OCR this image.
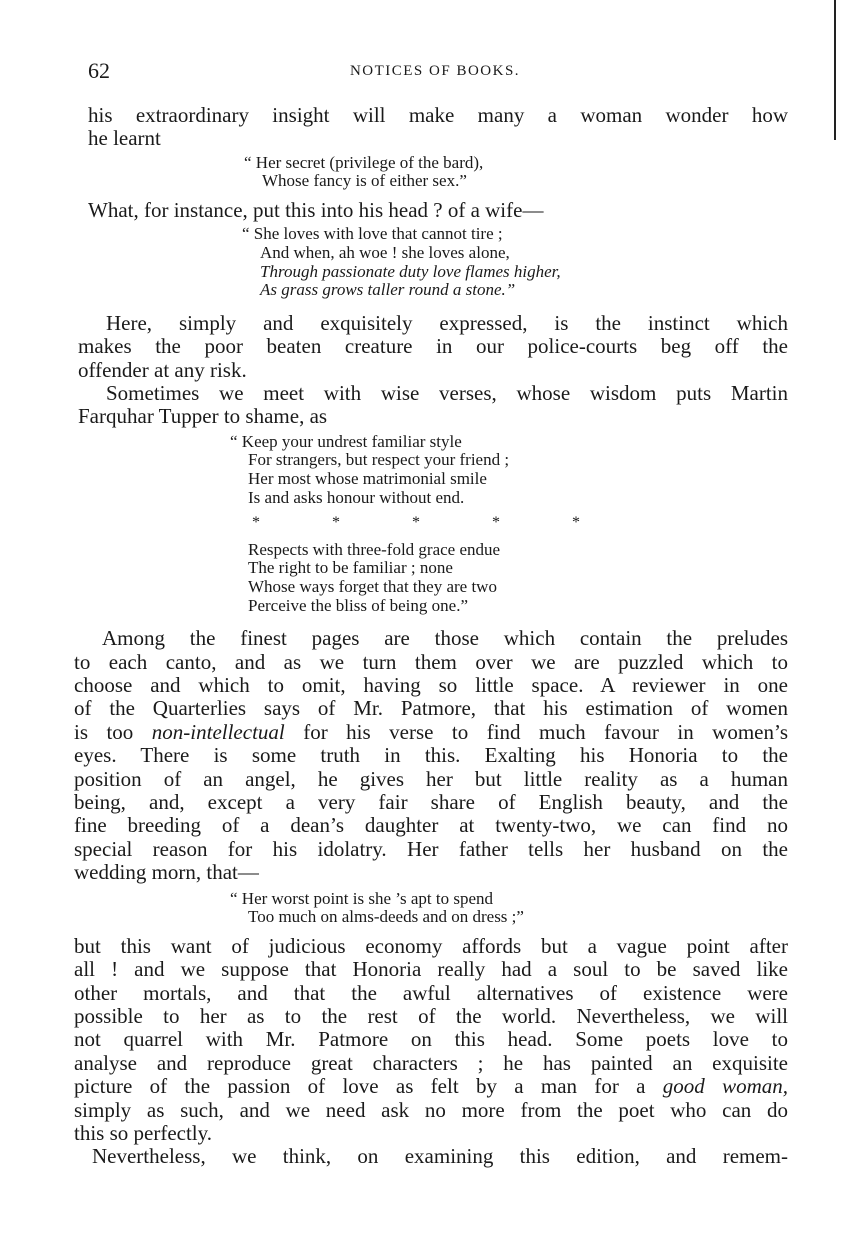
62	NOTICES OF BOOKS.

his extraordinary insight will make many a woman wonder how
he learnt

“ Her secret (privilege of the bard),
Whose fancy is of either sex.”

What, for instance, put this into his head ? of a wife—

“ She loves with love that cannot tire ;
And when, ah woe ! she loves alone,
Through passionate duty love flames higher,
As grass grows taller round a stone.”

Here, simply and exquisitely expressed, is the instinct which
makes the poor beaten creature in our police-courts beg off the
offender at any risk.

Sometimes we meet with wise verses, whose wisdom puts Martin
Farquhar Tupper to shame, as

“ Keep your undrest familiar style
For strangers, but respect your friend ;
Her most whose matrimonial smile
Is and asks honour without end.
* * * * *
Respects with three-fold grace endue
The right to be familiar ; none
Whose ways forget that they are two
Perceive the bliss of being one.”

Among the finest pages are those which contain the preludes
to each canto, and as we turn them over we are puzzled which to
choose and which to omit, having so little space. A reviewer in one
of the Quarterlies says of Mr. Patmore, that his estimation of women
is too non-intellectual for his verse to find much favour in women’s
eyes. There is some truth in this. Exalting his Honoria to the
position of an angel, he gives her but little reality as a human
being, and, except a very fair share of English beauty, and the
fine breeding of a dean’s daughter at twenty-two, we can find no
special reason for his idolatry. Her father tells her husband on the
wedding morn, that—

“ Her worst point is she ’s apt to spend
Too much on alms-deeds and on dress ;”

but this want of judicious economy affords but a vague point after
all ! and we suppose that Honoria really had a soul to be saved like
other mortals, and that the awful alternatives of existence were
possible to her as to the rest of the world. Nevertheless, we will
not quarrel with Mr. Patmore on this head. Some poets love to
analyse and reproduce great characters ; he has painted an exquisite
picture of the passion of love as felt by a man for a good woman,
simply as such, and we need ask no more from the poet who can do
this so perfectly.

Nevertheless, we think, on examining this edition, and remem-
